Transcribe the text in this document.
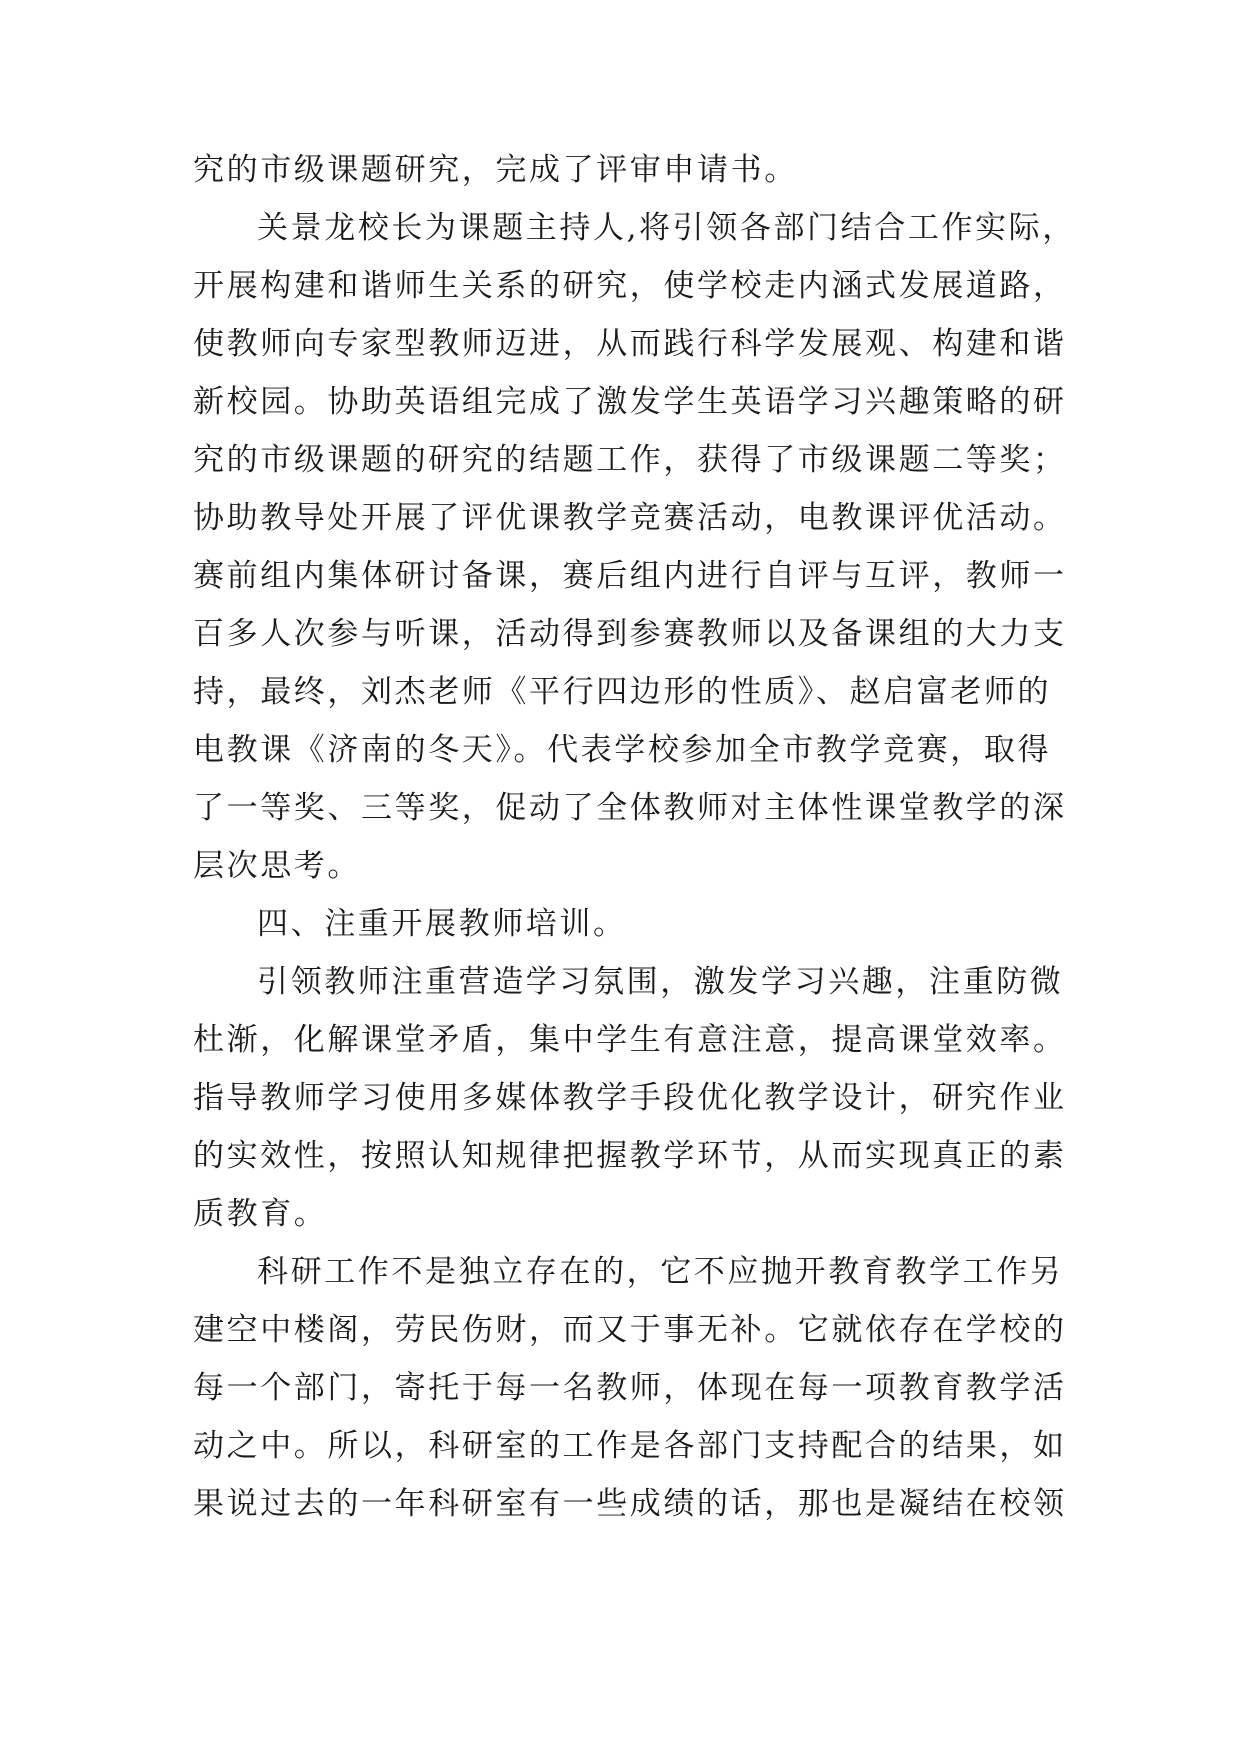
究的市级课题研究，完成了评审申请书。
关景龙校长为课题主持人,将引领各部门结合工作实际，
开展构建和谐师生关系的研究，使学校走内涵式发展道路，
使教师向专家型教师迈进，从而践行科学发展观、构建和谐
新校园。协助英语组完成了激发学生英语学习兴趣策略的研
究的市级课题的研究的结题工作，获得了市级课题二等奖；
协助教导处开展了评优课教学竞赛活动，电教课评优活动。
赛前组内集体研讨备课，赛后组内进行自评与互评，教师一
百多人次参与听课，活动得到参赛教师以及备课组的大力支
持，最终，刘杰老师《平行四边形的性质》、赵启富老师的
电教课《济南的冬天》。代表学校参加全市教学竞赛，取得
了一等奖、三等奖，促动了全体教师对主体性课堂教学的深
层次思考。
四、注重开展教师培训。
引领教师注重营造学习氛围，激发学习兴趣，注重防微
杜渐，化解课堂矛盾，集中学生有意注意，提高课堂效率。
指导教师学习使用多媒体教学手段优化教学设计，研究作业
的实效性，按照认知规律把握教学环节，从而实现真正的素
质教育。
科研工作不是独立存在的，它不应抛开教育教学工作另
建空中楼阁，劳民伤财，而又于事无补。它就依存在学校的
每一个部门，寄托于每一名教师，体现在每一项教育教学活
动之中。所以，科研室的工作是各部门支持配合的结果，如
果说过去的一年科研室有一些成绩的话，那也是凝结在校领
